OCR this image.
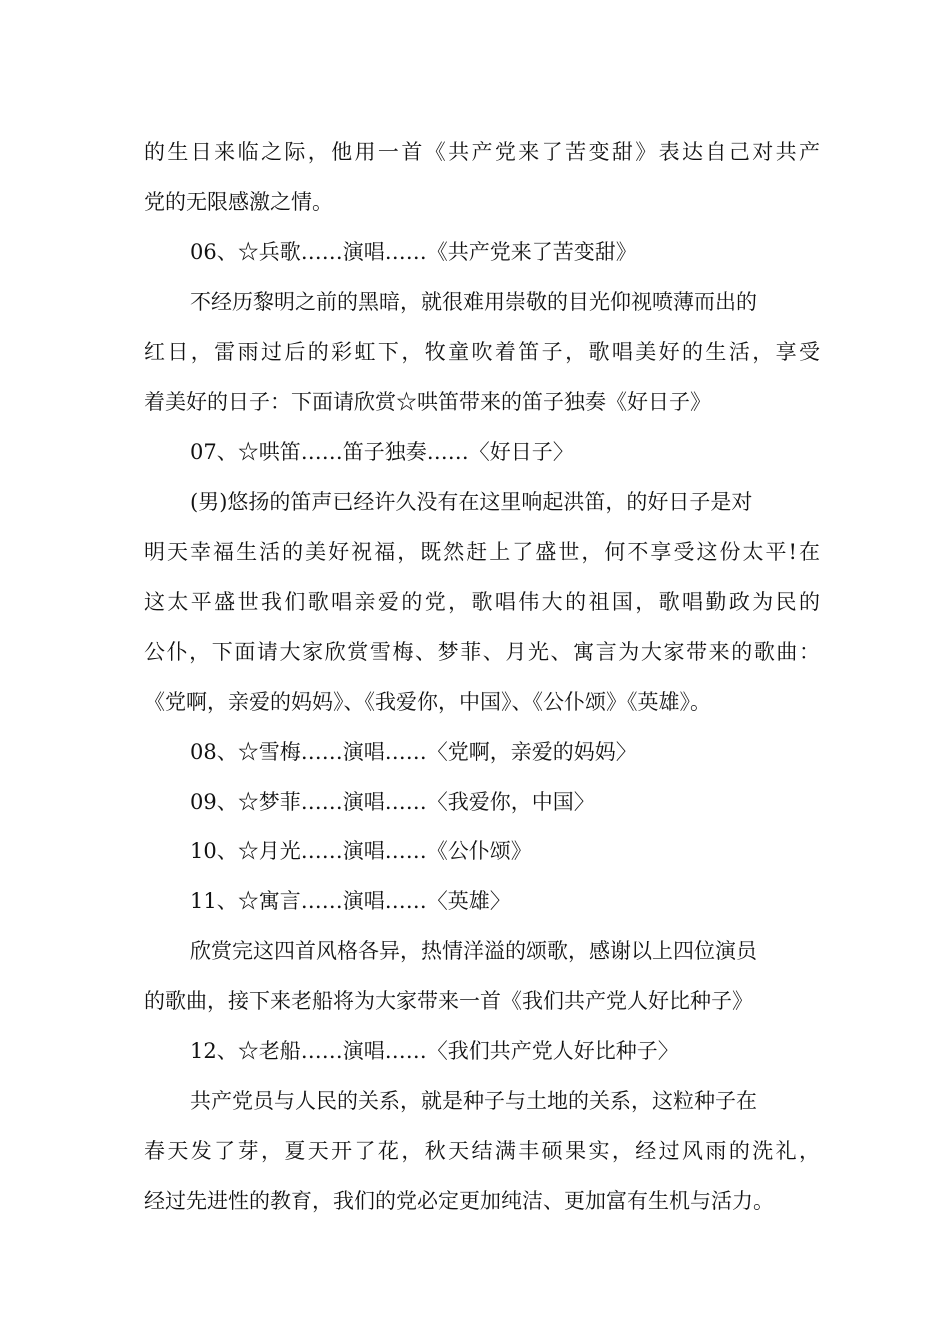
的生日来临之际，他用一首《共产党来了苦变甜》表达自己对共产
党的无限感激之情。
06、☆兵歌……演唱……《共产党来了苦变甜》
不经历黎明之前的黑暗，就很难用崇敬的目光仰视喷薄而出的
红日，雷雨过后的彩虹下，牧童吹着笛子，歌唱美好的生活，享受
着美好的日子：下面请欣赏☆哄笛带来的笛子独奏《好日子》
07、☆哄笛……笛子独奏……〈好日子〉
(男)悠扬的笛声已经许久没有在这里响起洪笛，的好日子是对
明天幸福生活的美好祝福，既然赶上了盛世，何不享受这份太平!在
这太平盛世我们歌唱亲爱的党，歌唱伟大的祖国，歌唱勤政为民的
公仆，下面请大家欣赏雪梅、梦菲、月光、寓言为大家带来的歌曲：
《党啊，亲爱的妈妈》、《我爱你，中国》、《公仆颂》《英雄》。
08、☆雪梅……演唱……〈党啊，亲爱的妈妈〉
09、☆梦菲……演唱……〈我爱你，中国〉
10、☆月光……演唱……《公仆颂》
11、☆寓言……演唱……〈英雄〉
欣赏完这四首风格各异，热情洋溢的颂歌，感谢以上四位演员
的歌曲，接下来老船将为大家带来一首《我们共产党人好比种子》
12、☆老船……演唱……〈我们共产党人好比种子〉
共产党员与人民的关系，就是种子与土地的关系，这粒种子在
春天发了芽，夏天开了花，秋天结满丰硕果实，经过风雨的洗礼，
经过先进性的教育，我们的党必定更加纯洁、更加富有生机与活力。
